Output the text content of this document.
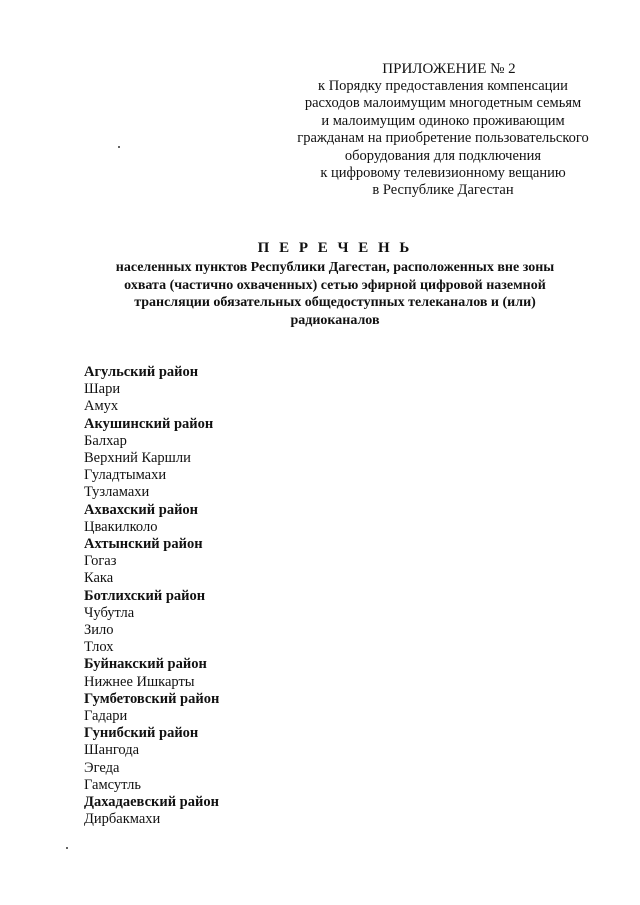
ПРИЛОЖЕНИЕ № 2
к Порядку предоставления компенсации
расходов малоимущим многодетным семьям
и малоимущим одиноко проживающим
гражданам на приобретение пользовательского
оборудования для подключения
к цифровому телевизионному вещанию
в Республике Дагестан
П Е Р Е Ч Е Н Ь
населенных пунктов Республики Дагестан, расположенных вне зоны
охвата (частично охваченных) сетью эфирной цифровой наземной
трансляции обязательных общедоступных телеканалов и (или)
радиоканалов
Агульский район
Шари
Амух
Акушинский район
Балхар
Верхний Каршли
Гуладтымахи
Тузламахи
Ахвахский район
Цвакилколо
Ахтынский район
Гогаз
Кака
Ботлихский район
Чубутла
Зило
Тлох
Буйнакский район
Нижнее Ишкарты
Гумбетовский район
Гадари
Гунибский район
Шангода
Эгеда
Гамсутль
Дахадаевский район
Дирбакмахи
